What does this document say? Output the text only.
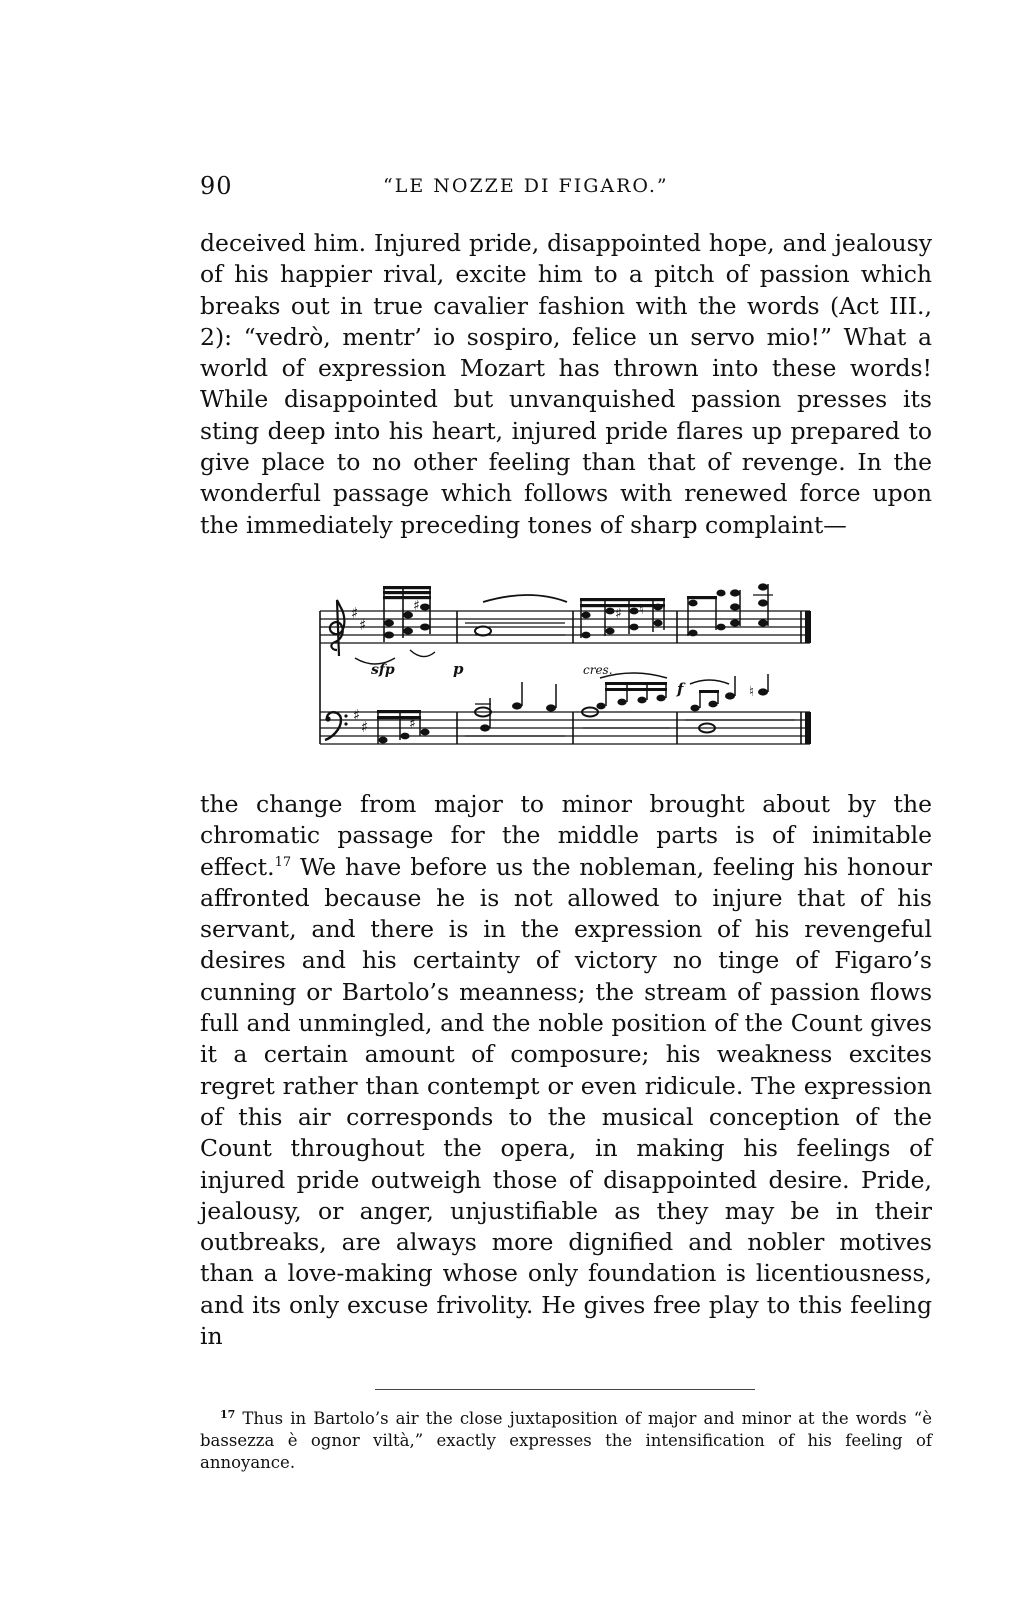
90	“LE NOZZE DI FIGARO.”

deceived him. Injured pride, disappointed hope, and jealousy of his happier rival, excite him to a pitch of passion which breaks out in true cavalier fashion with the words (Act III., 2): “vedrò, mentr’ io sospiro, felice un servo mio!” What a world of expression Mozart has thrown into these words! While disappointed but unvanquished passion presses its sting deep into his heart, injured pride flares up prepared to give place to no other feeling than that of revenge. In the wonderful passage which follows with renewed force upon the immediately preceding tones of sharp complaint—

♯
♯
♯
♯
♯	♯ ♮
♯
♮
sfp	p	cres.
f

the change from major to minor brought about by the chromatic passage for the middle parts is of inimitable effect.$^{17}$ We have before us the nobleman, feeling his honour affronted because he is not allowed to injure that of his servant, and there is in the expression of his revengeful desires and his certainty of victory no tinge of Figaro’s cunning or Bartolo’s meanness; the stream of passion flows full and unmingled, and the noble position of the Count gives it a certain amount of composure; his weakness excites regret rather than contempt or even ridicule. The expression of this air corresponds to the musical conception of the Count throughout the opera, in making his feelings of injured pride outweigh those of disappointed desire. Pride, jealousy, or anger, unjustifiable as they may be in their outbreaks, are always more dignified and nobler motives than a love-making whose only foundation is licentiousness, and its only excuse frivolity. He gives free play to this feeling in

$^{17}$ Thus in Bartolo’s air the close juxtaposition of major and minor at the words “è bassezza è ognor viltà,” exactly expresses the intensification of his feeling of annoyance.
